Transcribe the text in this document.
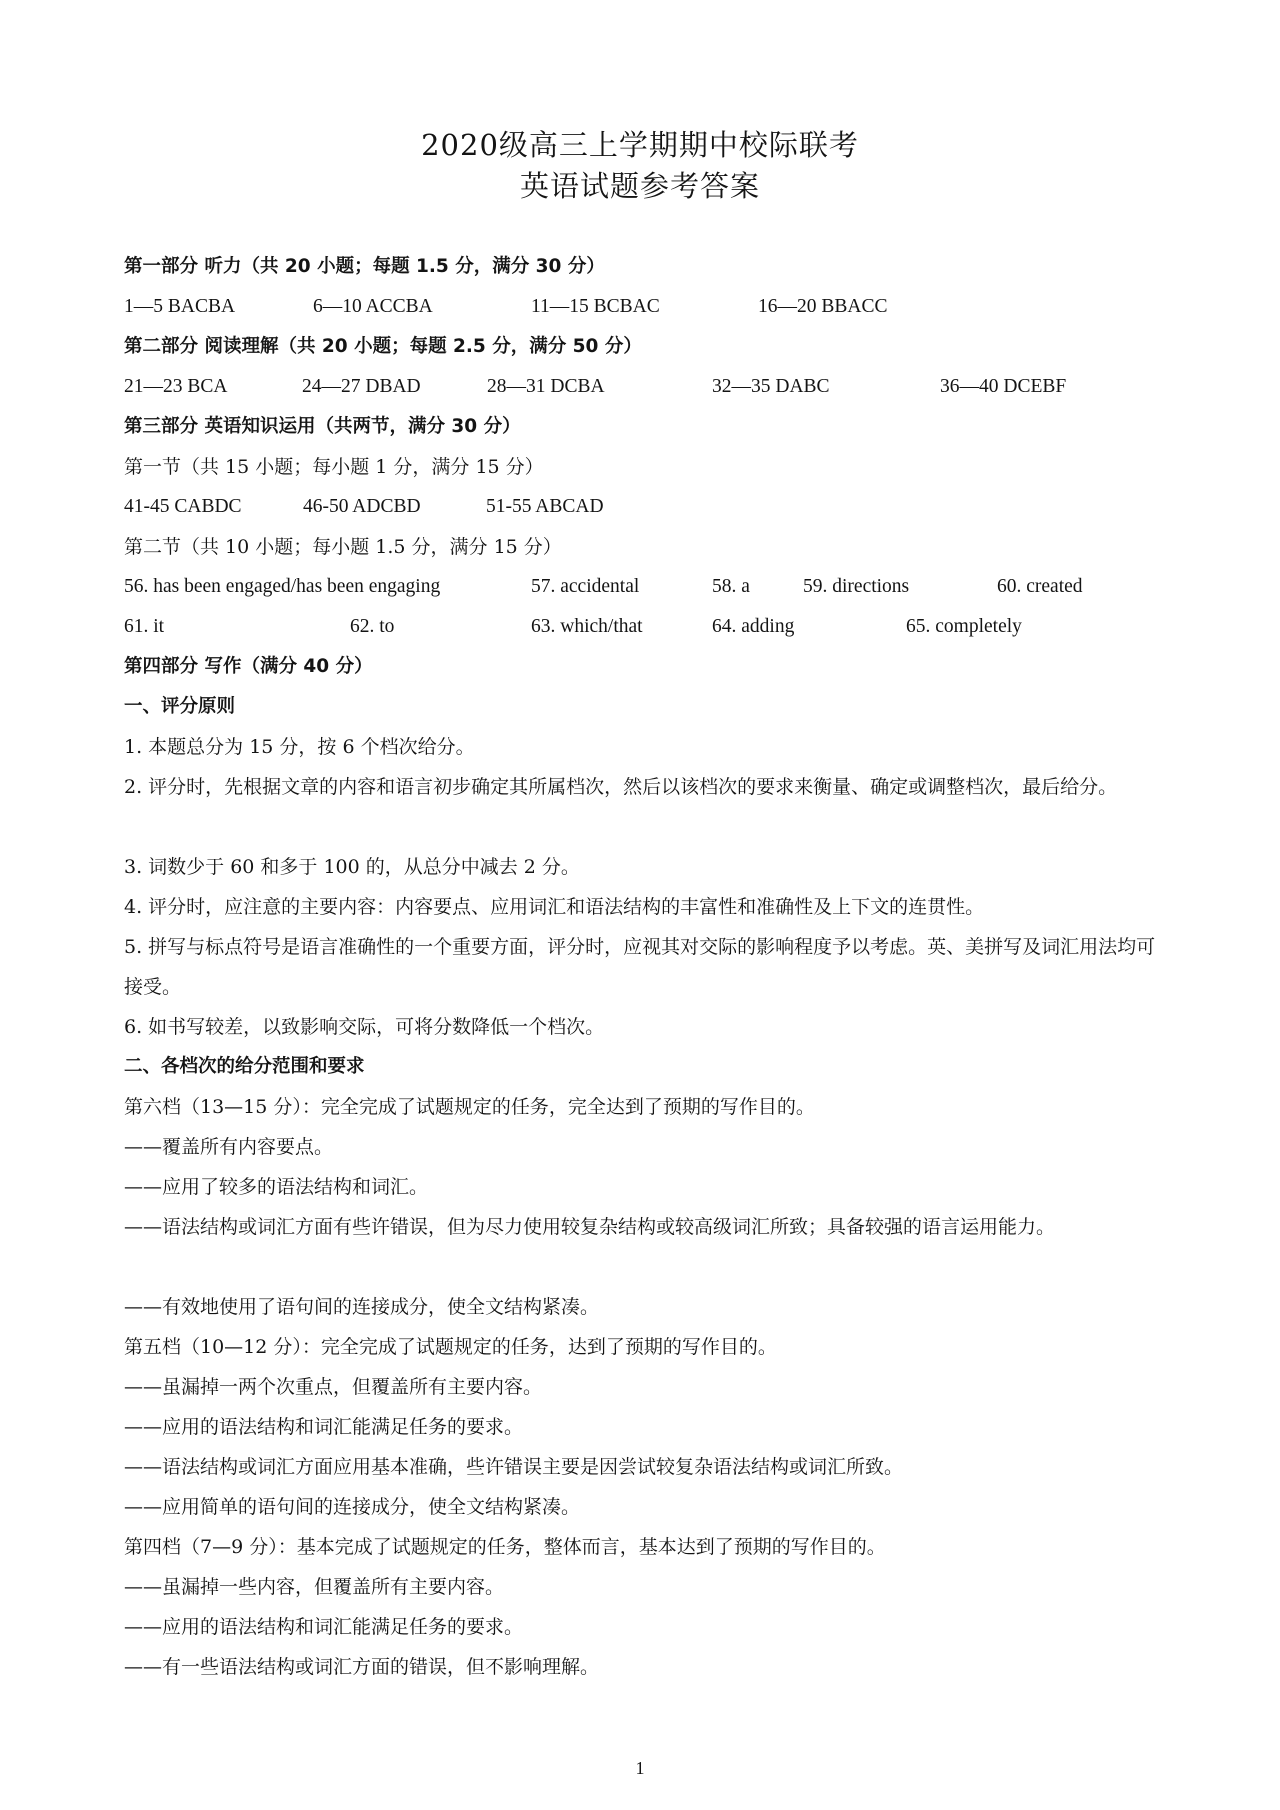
2020级高三上学期期中校际联考
英语试题参考答案
第一部分 听力（共 20 小题；每题 1.5 分，满分 30 分）
1—5 BACBA	6—10 ACCBA	11—15 BCBAC	16—20 BBACC
第二部分 阅读理解（共 20 小题；每题 2.5 分，满分 50 分）
21—23 BCA	24—27 DBAD	28—31 DCBA	32—35 DABC	36—40 DCEBF
第三部分 英语知识运用（共两节，满分 30 分）
第一节（共 15 小题；每小题 1 分，满分 15 分）
41-45 CABDC	46-50 ADCBD	51-55 ABCAD
第二节（共 10 小题；每小题 1.5 分，满分 15 分）
56. has been engaged/has been engaging	57. accidental	58. a	59. directions	60. created
61. it	62. to	63. which/that	64. adding	65. completely
第四部分 写作（满分 40 分）
一、评分原则
1. 本题总分为 15 分，按 6 个档次给分。
2. 评分时，先根据文章的内容和语言初步确定其所属档次，然后以该档次的要求来衡量、确定或调整档次，最后给分。
3. 词数少于 60 和多于 100 的，从总分中减去 2 分。
4. 评分时，应注意的主要内容：内容要点、应用词汇和语法结构的丰富性和准确性及上下文的连贯性。
5. 拼写与标点符号是语言准确性的一个重要方面，评分时，应视其对交际的影响程度予以考虑。英、美拼写及词汇用法均可接受。
6. 如书写较差，以致影响交际，可将分数降低一个档次。
二、各档次的给分范围和要求
第六档（13—15 分）：完全完成了试题规定的任务，完全达到了预期的写作目的。
——覆盖所有内容要点。
——应用了较多的语法结构和词汇。
——语法结构或词汇方面有些许错误，但为尽力使用较复杂结构或较高级词汇所致；具备较强的语言运用能力。
——有效地使用了语句间的连接成分，使全文结构紧凑。
第五档（10—12 分）：完全完成了试题规定的任务，达到了预期的写作目的。
——虽漏掉一两个次重点，但覆盖所有主要内容。
——应用的语法结构和词汇能满足任务的要求。
——语法结构或词汇方面应用基本准确，些许错误主要是因尝试较复杂语法结构或词汇所致。
——应用简单的语句间的连接成分，使全文结构紧凑。
第四档（7—9 分）：基本完成了试题规定的任务，整体而言，基本达到了预期的写作目的。
——虽漏掉一些内容，但覆盖所有主要内容。
——应用的语法结构和词汇能满足任务的要求。
——有一些语法结构或词汇方面的错误，但不影响理解。
1
